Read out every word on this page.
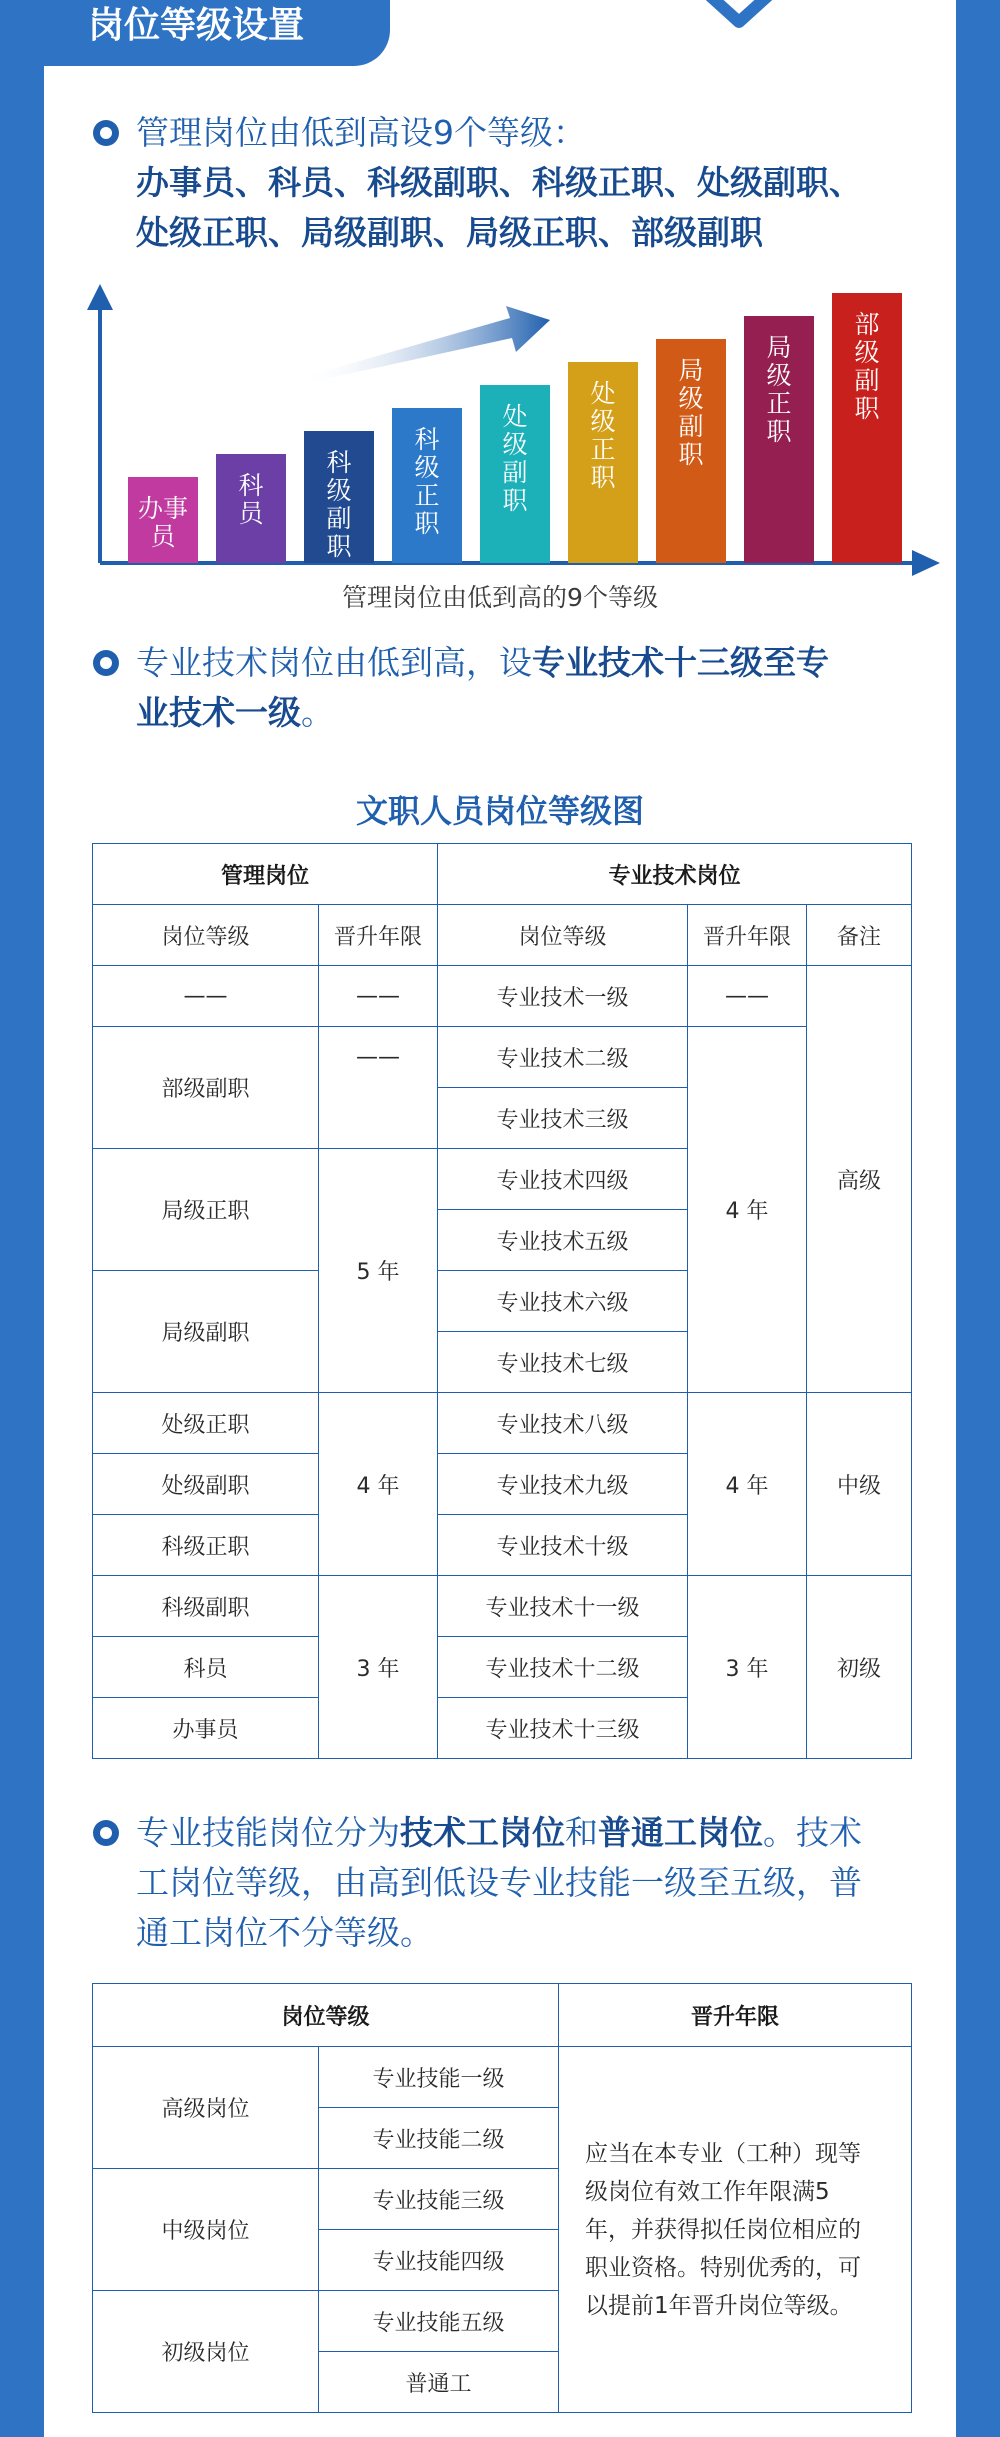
岗位等级设置
管理岗位由低到高设9个等级：
办事员、科员、科级副职、科级正职、处级副职、
处级正职、局级副职、局级正职、部级副职
办事
员
科
员
科
级
副
职
科
级
正
职
处
级
副
职
处
级
正
职
局
级
副
职
局
级
正
职
部
级
副
职
管理岗位由低到高的9个等级
专业技术岗位由低到高，设专业技术十三级至专
业技术一级。
文职人员岗位等级图
管理岗位		专业技术岗位		
岗位等级	晋升年限	岗位等级	晋升年限	备注
——	——	专业技术一级	——	高级
部级副职	——	专业技术二级	4 年	
		专业技术三级		
局级正职	5 年	专业技术四级		
		专业技术五级		
局级副职		专业技术六级		
		专业技术七级		
处级正职	4 年	专业技术八级	4 年	中级
处级副职		专业技术九级		
科级正职		专业技术十级		
科级副职	3 年	专业技术十一级	3 年	初级
科员		专业技术十二级		
办事员		专业技术十三级		
专业技能岗位分为技术工岗位和普通工岗位。技术
工岗位等级，由高到低设专业技能一级至五级，普
通工岗位不分等级。
岗位等级		晋升年限
高级岗位	专业技能一级	应当在本专业（工种）现等
级岗位有效工作年限满5
年，并获得拟任岗位相应的
职业资格。特别优秀的，可
以提前1年晋升岗位等级。

	专业技能二级	
中级岗位	专业技能三级	
	专业技能四级	
初级岗位	专业技能五级	
	普通工	
